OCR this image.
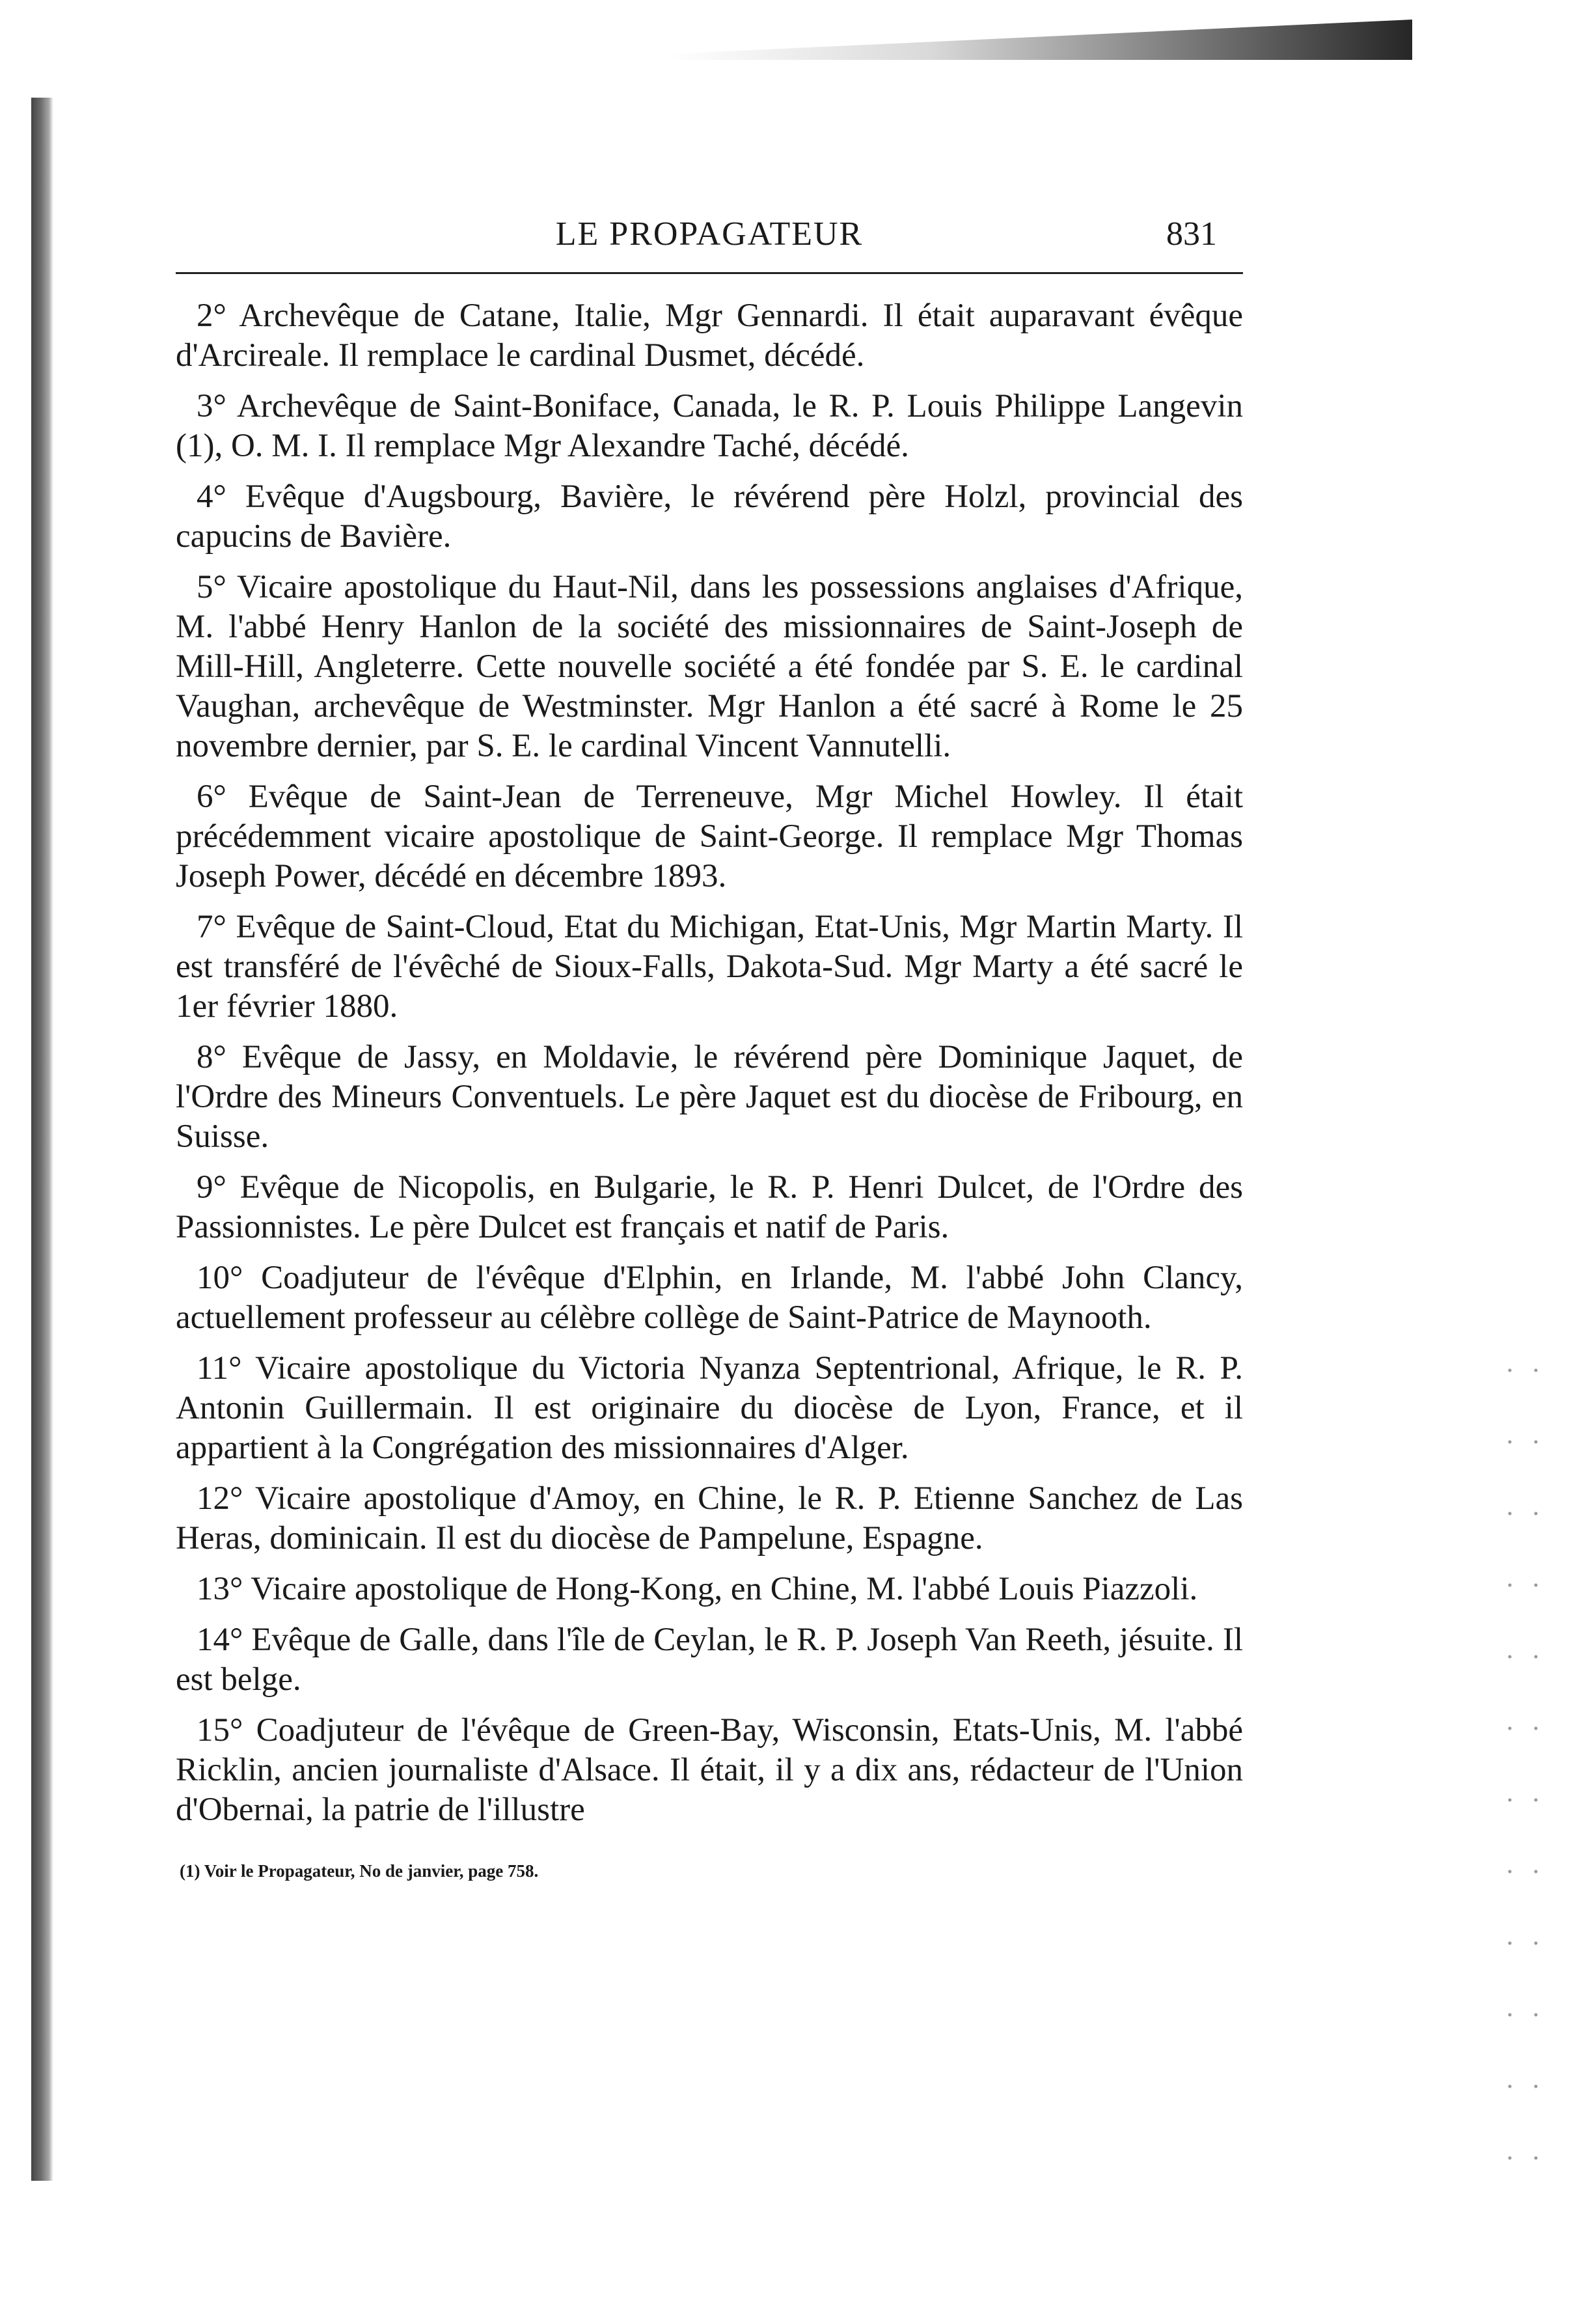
LE PROPAGATEUR	831

2° Archevêque de Catane, Italie, Mgr Gennardi. Il était auparavant évêque d'Arcireale. Il remplace le cardinal Dusmet, décédé.

3° Archevêque de Saint-Boniface, Canada, le R. P. Louis Philippe Langevin (1), O. M. I. Il remplace Mgr Alexandre Taché, décédé.

4° Evêque d'Augsbourg, Bavière, le révérend père Holzl, provincial des capucins de Bavière.

5° Vicaire apostolique du Haut-Nil, dans les possessions anglaises d'Afrique, M. l'abbé Henry Hanlon de la société des missionnaires de Saint-Joseph de Mill-Hill, Angleterre. Cette nouvelle société a été fondée par S. E. le cardinal Vaughan, archevêque de Westminster. Mgr Hanlon a été sacré à Rome le 25 novembre dernier, par S. E. le cardinal Vincent Vannutelli.

6° Evêque de Saint-Jean de Terreneuve, Mgr Michel Howley. Il était précédemment vicaire apostolique de Saint-George. Il remplace Mgr Thomas Joseph Power, décédé en décembre 1893.

7° Evêque de Saint-Cloud, Etat du Michigan, Etat-Unis, Mgr Martin Marty. Il est transféré de l'évêché de Sioux-Falls, Dakota-Sud. Mgr Marty a été sacré le 1er février 1880.

8° Evêque de Jassy, en Moldavie, le révérend père Dominique Jaquet, de l'Ordre des Mineurs Conventuels. Le père Jaquet est du diocèse de Fribourg, en Suisse.

9° Evêque de Nicopolis, en Bulgarie, le R. P. Henri Dulcet, de l'Ordre des Passionnistes. Le père Dulcet est français et natif de Paris.

10° Coadjuteur de l'évêque d'Elphin, en Irlande, M. l'abbé John Clancy, actuellement professeur au célèbre collège de Saint-Patrice de Maynooth.

11° Vicaire apostolique du Victoria Nyanza Septentrional, Afrique, le R. P. Antonin Guillermain. Il est originaire du diocèse de Lyon, France, et il appartient à la Congrégation des missionnaires d'Alger.

12° Vicaire apostolique d'Amoy, en Chine, le R. P. Etienne Sanchez de Las Heras, dominicain. Il est du diocèse de Pampelune, Espagne.

13° Vicaire apostolique de Hong-Kong, en Chine, M. l'abbé Louis Piazzoli.

14° Evêque de Galle, dans l'île de Ceylan, le R. P. Joseph Van Reeth, jésuite. Il est belge.

15° Coadjuteur de l'évêque de Green-Bay, Wisconsin, Etats-Unis, M. l'abbé Ricklin, ancien journaliste d'Alsace. Il était, il y a dix ans, rédacteur de l'Union d'Obernai, la patrie de l'illustre

(1) Voir le Propagateur, No de janvier, page 758.
